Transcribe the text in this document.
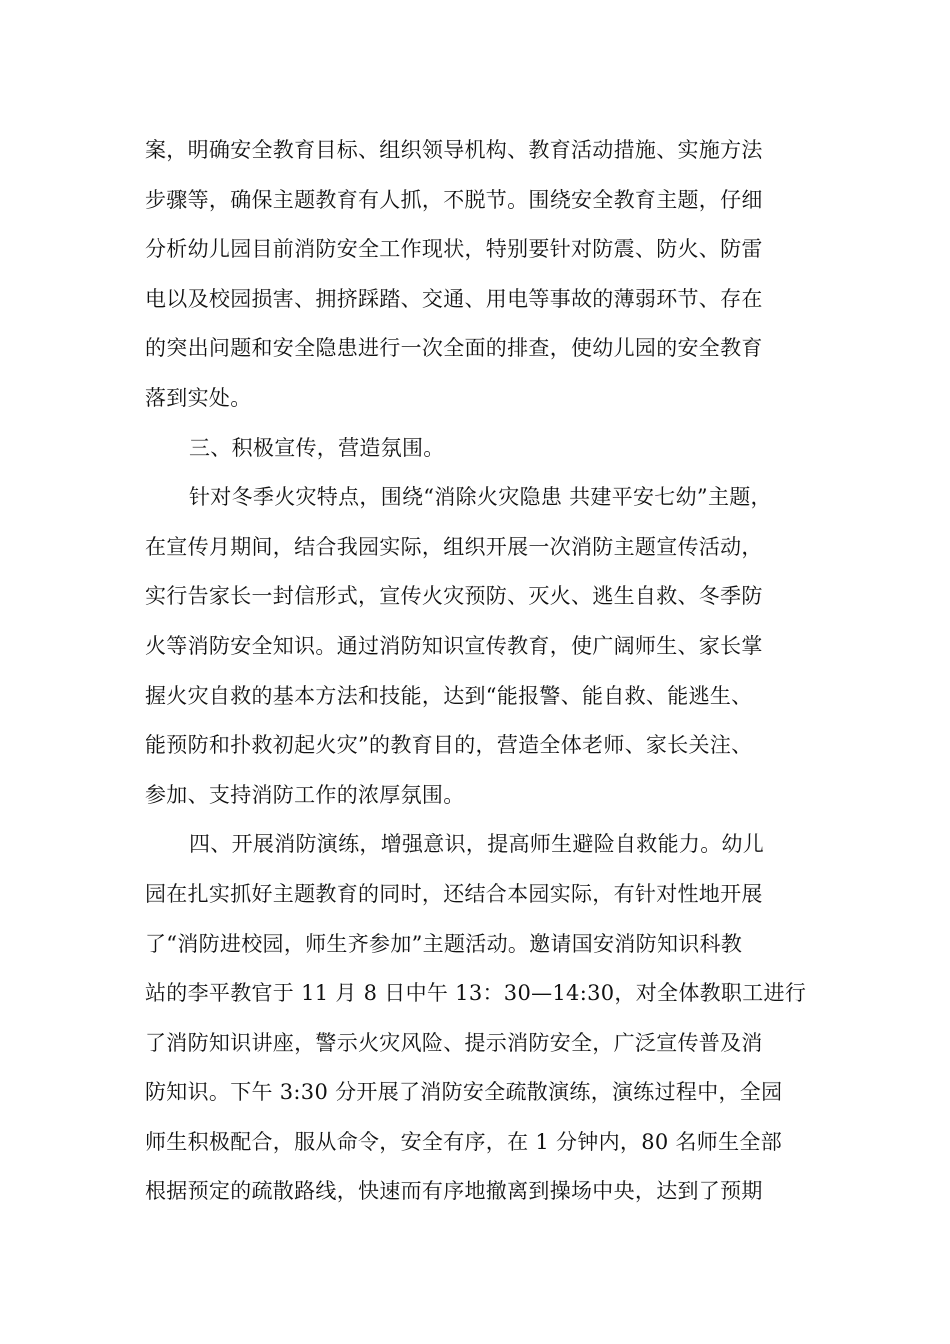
案，明确安全教育目标、组织领导机构、教育活动措施、实施方法
步骤等，确保主题教育有人抓，不脱节。围绕安全教育主题，仔细
分析幼儿园目前消防安全工作现状，特别要针对防震、防火、防雷
电以及校园损害、拥挤踩踏、交通、用电等事故的薄弱环节、存在
的突出问题和安全隐患进行一次全面的排查，使幼儿园的安全教育
落到实处。
三、积极宣传，营造氛围。
针对冬季火灾特点，围绕“消除火灾隐患 共建平安七幼”主题，
在宣传月期间，结合我园实际，组织开展一次消防主题宣传活动，
实行告家长一封信形式，宣传火灾预防、灭火、逃生自救、冬季防
火等消防安全知识。通过消防知识宣传教育，使广阔师生、家长掌
握火灾自救的基本方法和技能，达到“能报警、能自救、能逃生、
能预防和扑救初起火灾”的教育目的，营造全体老师、家长关注、
参加、支持消防工作的浓厚氛围。
四、开展消防演练，增强意识，提高师生避险自救能力。幼儿
园在扎实抓好主题教育的同时，还结合本园实际，有针对性地开展
了“消防进校园，师生齐参加”主题活动。邀请国安消防知识科教
站的李平教官于 11 月 8 日中午 13：30—14:30，对全体教职工进行
了消防知识讲座，警示火灾风险、提示消防安全，广泛宣传普及消
防知识。下午 3:30 分开展了消防安全疏散演练，演练过程中，全园
师生积极配合，服从命令，安全有序，在 1 分钟内，80 名师生全部
根据预定的疏散路线，快速而有序地撤离到操场中央，达到了预期
